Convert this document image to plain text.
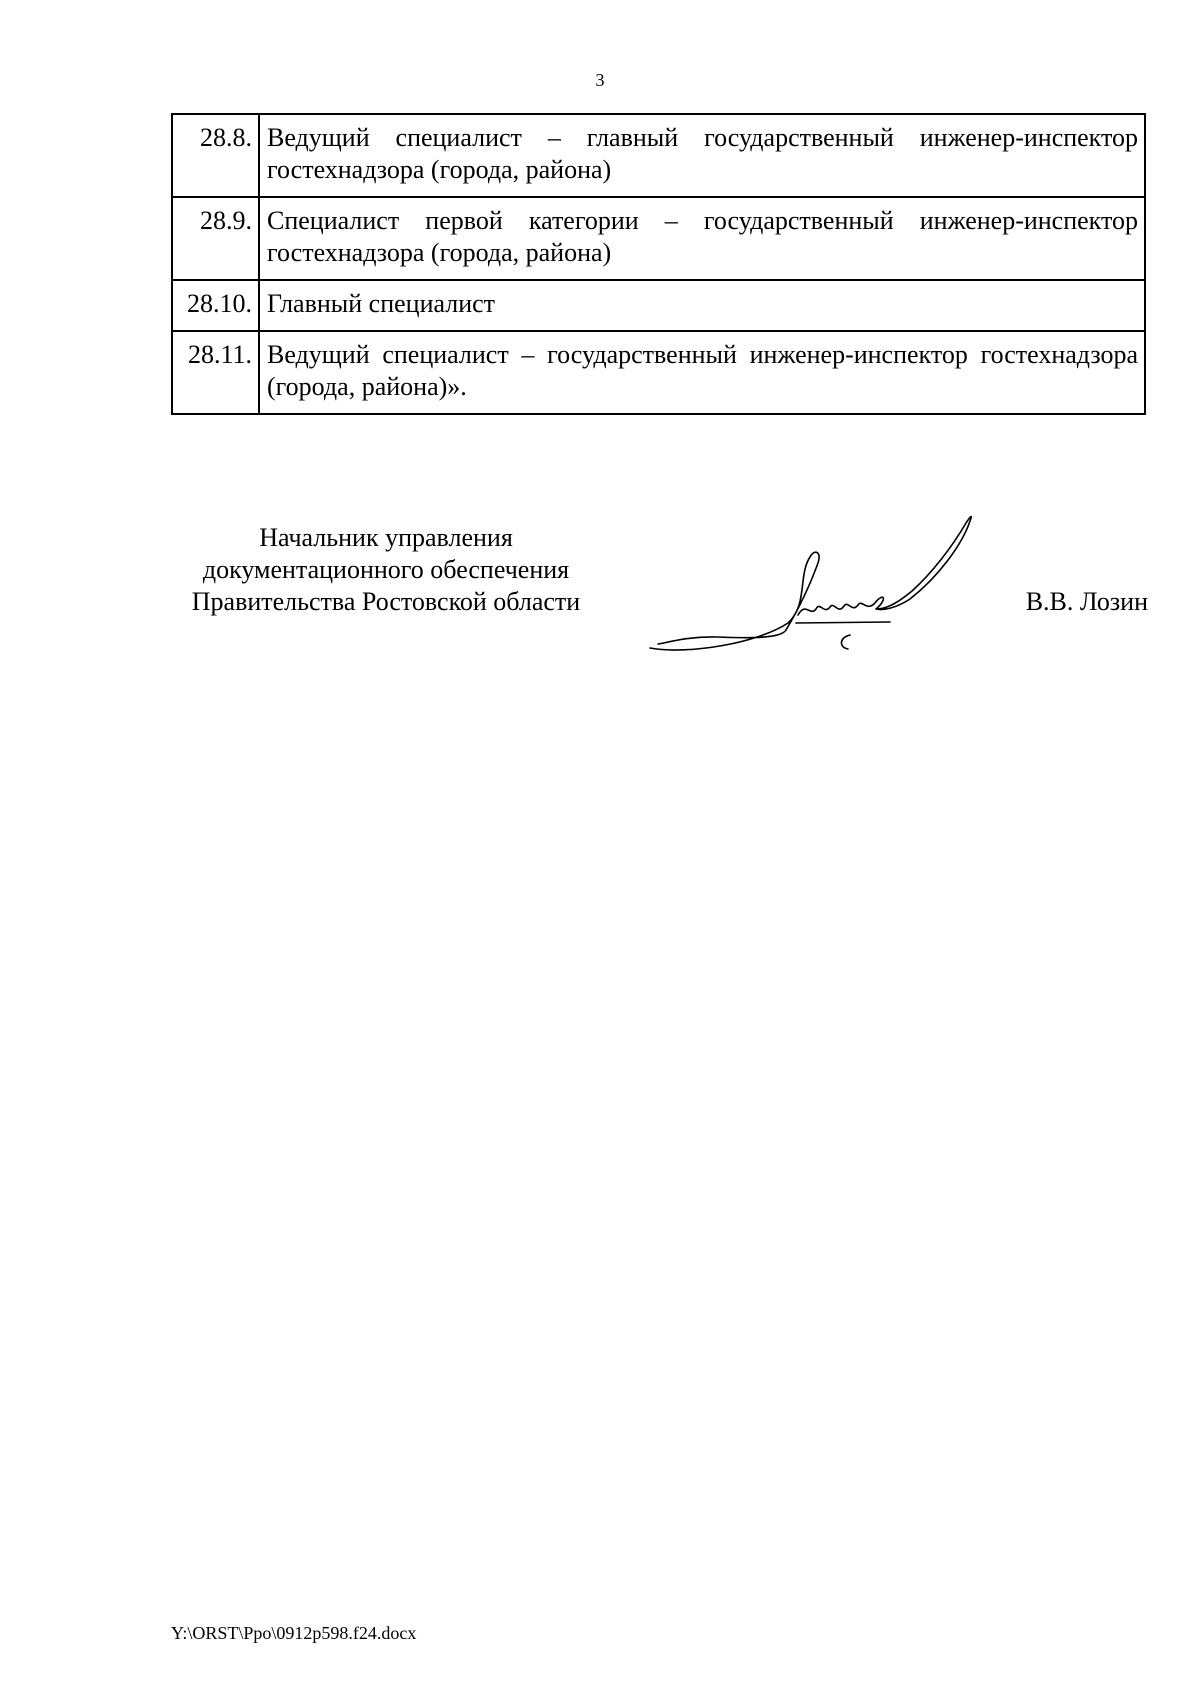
3
28.8.	Ведущий специалист – главный государственный инженер-инспектор гостехнадзора (города, района)
28.9.	Специалист первой категории – государственный инженер-инспектор гостехнадзора (города, района)
28.10.	Главный специалист
28.11.	Ведущий специалист – государственный инженер-инспектор гостехнадзора (города, района)».
Начальник управления
документационного обеспечения
Правительства Ростовской области	В.В. Лозин
Y:\ORST\Ppo\0912p598.f24.docx
